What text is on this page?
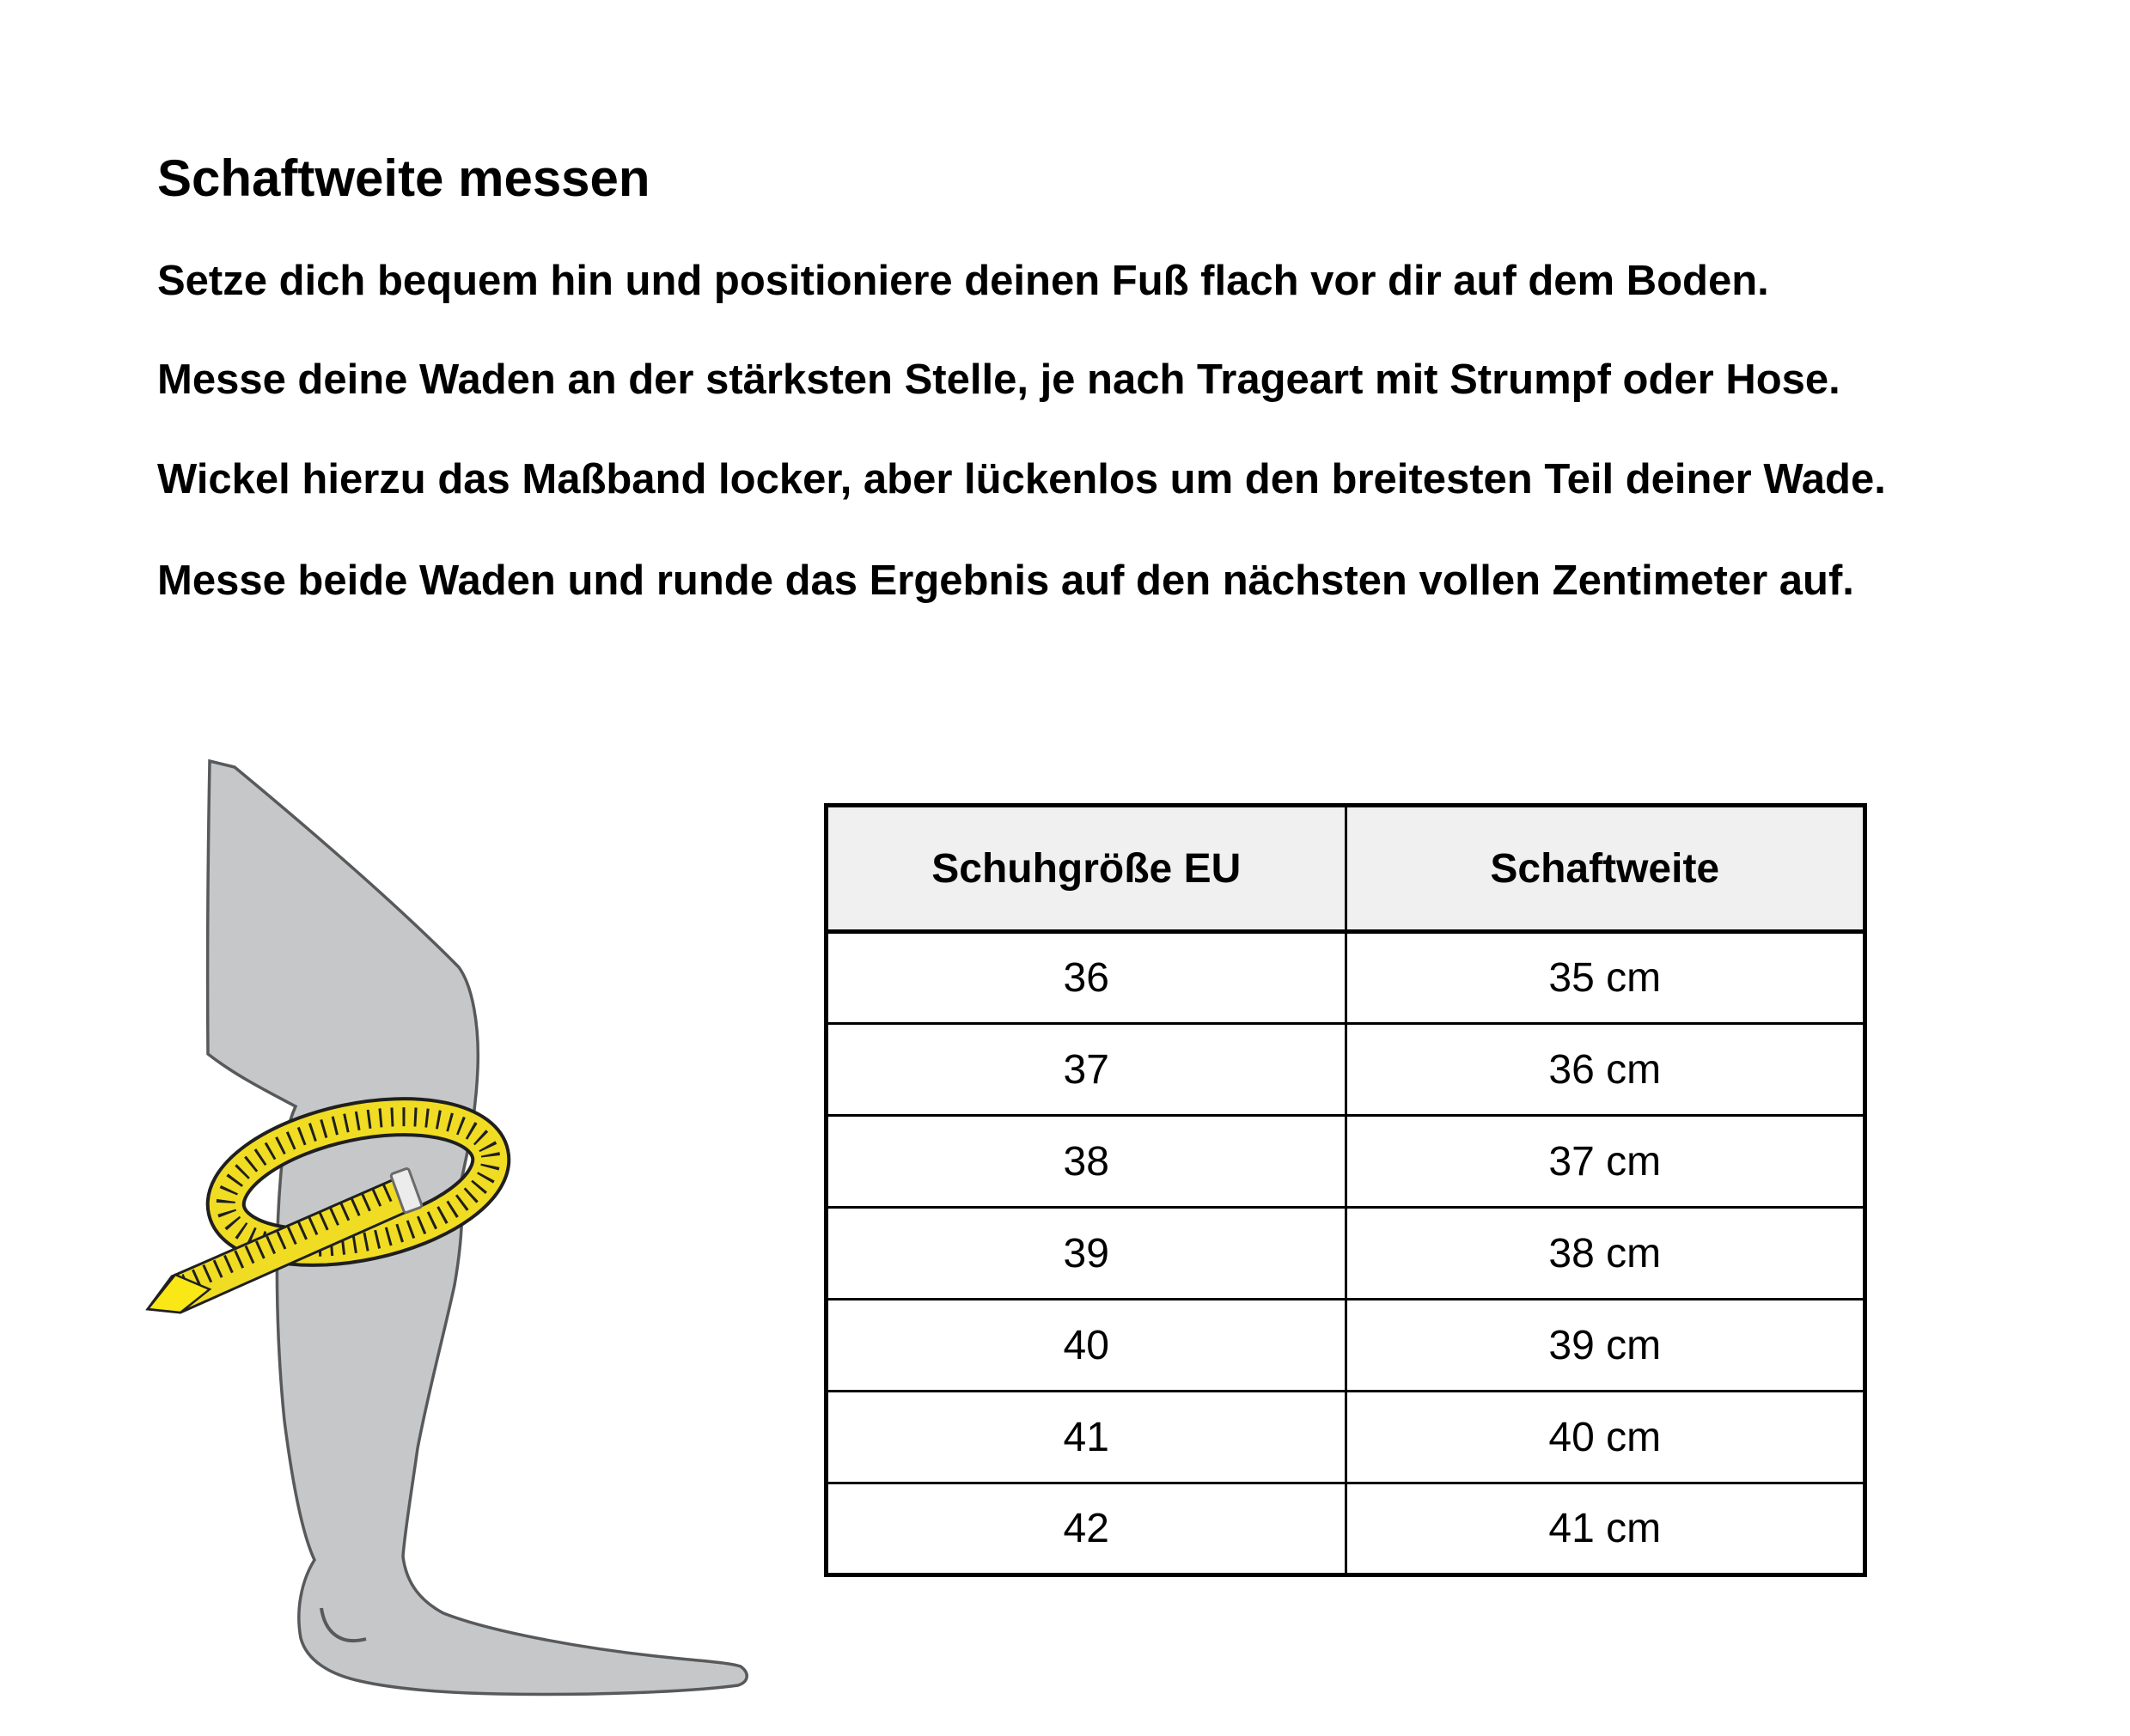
Schaftweite messen

Setze dich bequem hin und positioniere deinen Fuß flach vor dir auf dem Boden.

Messe deine Waden an der stärksten Stelle, je nach Trageart mit Strumpf oder Hose.

Wickel hierzu das Maßband locker, aber lückenlos um den breitesten Teil deiner Wade.

Messe beide Waden und runde das Ergebnis auf den nächsten vollen Zentimeter auf.

Schuhgröße EU	Schaftweite
36	35 cm
37	36 cm
38	37 cm
39	38 cm
40	39 cm
41	40 cm
42	41 cm
